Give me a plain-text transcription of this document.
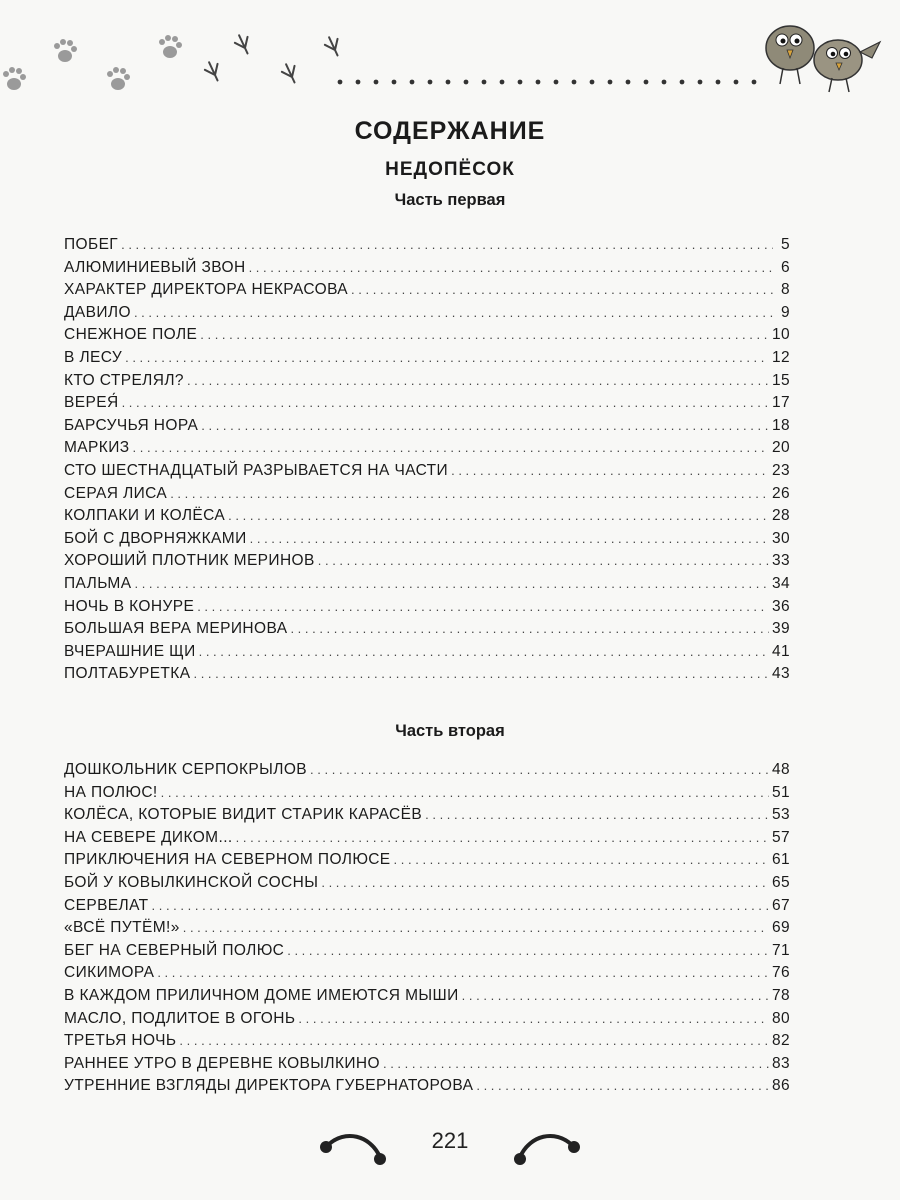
СОДЕРЖАНИЕ
НЕДОПЁСОК
Часть первая
ПОБЕГ . . .	5
АЛЮМИНИЕВЫЙ ЗВОН . . .	6
ХАРАКТЕР ДИРЕКТОРА НЕКРАСОВА . . .	8
ДАВИЛО . . .	9
СНЕЖНОЕ ПОЛЕ . . .	10
В ЛЕСУ . . .	12
КТО СТРЕЛЯЛ? . . .	15
ВЕРЕЯ́ . . .	17
БАРСУЧЬЯ НОРА . . .	18
МАРКИЗ . . .	20
СТО ШЕСТНАДЦАТЫЙ РАЗРЫВАЕТСЯ НА ЧАСТИ . . .	23
СЕРАЯ ЛИСА . . .	26
КОЛПАКИ И КОЛЁСА . . .	28
БОЙ С ДВОРНЯЖКАМИ . . .	30
ХОРОШИЙ ПЛОТНИК МЕРИНОВ . . .	33
ПАЛЬМА . . .	34
НОЧЬ В КОНУРЕ . . .	36
БОЛЬШАЯ ВЕРА МЕРИНОВА . . .	39
ВЧЕРАШНИЕ ЩИ . . .	41
ПОЛТАБУРЕТКА . . .	43
Часть вторая
ДОШКОЛЬНИК СЕРПОКРЫЛОВ . . .	48
НА ПОЛЮС! . . .	51
КОЛЁСА, КОТОРЫЕ ВИДИТ СТАРИК КАРАСЁВ . . .	53
НА СЕВЕРЕ ДИКОМ... . . .	57
ПРИКЛЮЧЕНИЯ НА СЕВЕРНОМ ПОЛЮСЕ . . .	61
БОЙ У КОВЫЛКИНСКОЙ СОСНЫ . . .	65
СЕРВЕЛАТ . . .	67
«ВСЁ ПУТЁМ!» . . .	69
БЕГ НА СЕВЕРНЫЙ ПОЛЮС . . .	71
СИКИМОРА . . .	76
В КАЖДОМ ПРИЛИЧНОМ ДОМЕ ИМЕЮТСЯ МЫШИ . . .	78
МАСЛО, ПОДЛИТОЕ В ОГОНЬ . . .	80
ТРЕТЬЯ НОЧЬ . . .	82
РАННЕЕ УТРО В ДЕРЕВНЕ КОВЫЛКИНО . . .	83
УТРЕННИЕ ВЗГЛЯДЫ ДИРЕКТОРА ГУБЕРНАТОРОВА . . .	86
221
